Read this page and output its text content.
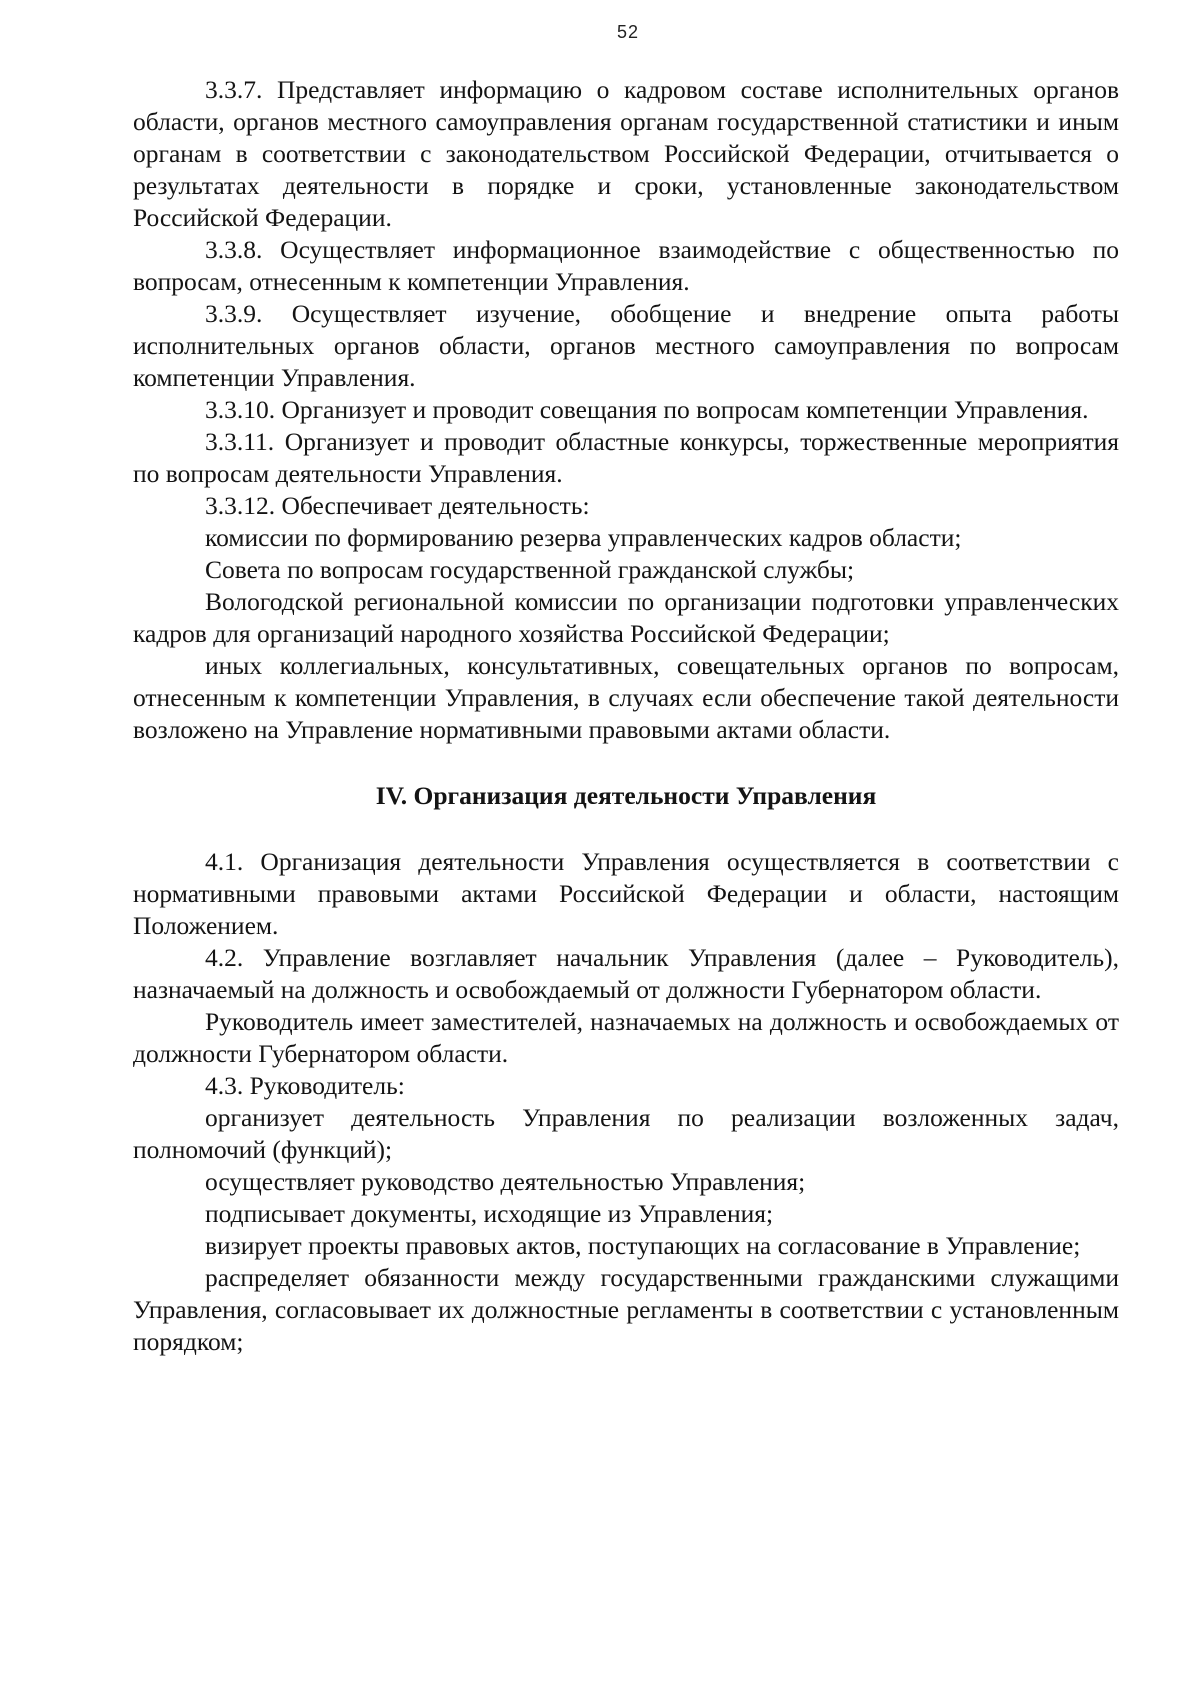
52

3.3.7. Представляет информацию о кадровом составе исполнительных органов области, органов местного самоуправления органам государственной статистики и иным органам в соответствии с законодательством Российской Федерации, отчитывается о результатах деятельности в порядке и сроки, установленные законодательством Российской Федерации.

3.3.8. Осуществляет информационное взаимодействие с общественностью по вопросам, отнесенным к компетенции Управления.

3.3.9. Осуществляет изучение, обобщение и внедрение опыта работы исполнительных органов области, органов местного самоуправления по вопросам компетенции Управления.

3.3.10. Организует и проводит совещания по вопросам компетенции Управления.

3.3.11. Организует и проводит областные конкурсы, торжественные мероприятия по вопросам деятельности Управления.

3.3.12. Обеспечивает деятельность:

комиссии по формированию резерва управленческих кадров области;

Совета по вопросам государственной гражданской службы;

Вологодской региональной комиссии по организации подготовки управленческих кадров для организаций народного хозяйства Российской Федерации;

иных коллегиальных, консультативных, совещательных органов по вопросам, отнесенным к компетенции Управления, в случаях если обеспечение такой деятельности возложено на Управление нормативными правовыми актами области.

IV. Организация деятельности Управления

4.1. Организация деятельности Управления осуществляется в соответствии с нормативными правовыми актами Российской Федерации и области, настоящим Положением.

4.2. Управление возглавляет начальник Управления (далее – Руководитель), назначаемый на должность и освобождаемый от должности Губернатором области.

Руководитель имеет заместителей, назначаемых на должность и освобождаемых от должности Губернатором области.

4.3. Руководитель:

организует деятельность Управления по реализации возложенных задач, полномочий (функций);

осуществляет руководство деятельностью Управления;

подписывает документы, исходящие из Управления;

визирует проекты правовых актов, поступающих на согласование в Управление;

распределяет обязанности между государственными гражданскими служащими Управления, согласовывает их должностные регламенты в соответствии с установленным порядком;
